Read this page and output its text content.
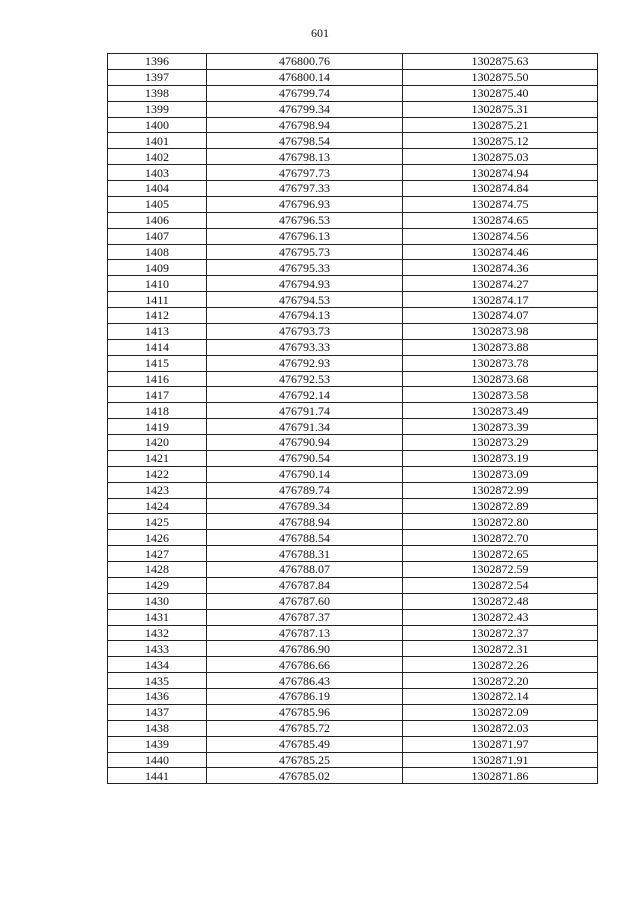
601
1396	476800.76	1302875.63
1397	476800.14	1302875.50
1398	476799.74	1302875.40
1399	476799.34	1302875.31
1400	476798.94	1302875.21
1401	476798.54	1302875.12
1402	476798.13	1302875.03
1403	476797.73	1302874.94
1404	476797.33	1302874.84
1405	476796.93	1302874.75
1406	476796.53	1302874.65
1407	476796.13	1302874.56
1408	476795.73	1302874.46
1409	476795.33	1302874.36
1410	476794.93	1302874.27
1411	476794.53	1302874.17
1412	476794.13	1302874.07
1413	476793.73	1302873.98
1414	476793.33	1302873.88
1415	476792.93	1302873.78
1416	476792.53	1302873.68
1417	476792.14	1302873.58
1418	476791.74	1302873.49
1419	476791.34	1302873.39
1420	476790.94	1302873.29
1421	476790.54	1302873.19
1422	476790.14	1302873.09
1423	476789.74	1302872.99
1424	476789.34	1302872.89
1425	476788.94	1302872.80
1426	476788.54	1302872.70
1427	476788.31	1302872.65
1428	476788.07	1302872.59
1429	476787.84	1302872.54
1430	476787.60	1302872.48
1431	476787.37	1302872.43
1432	476787.13	1302872.37
1433	476786.90	1302872.31
1434	476786.66	1302872.26
1435	476786.43	1302872.20
1436	476786.19	1302872.14
1437	476785.96	1302872.09
1438	476785.72	1302872.03
1439	476785.49	1302871.97
1440	476785.25	1302871.91
1441	476785.02	1302871.86
